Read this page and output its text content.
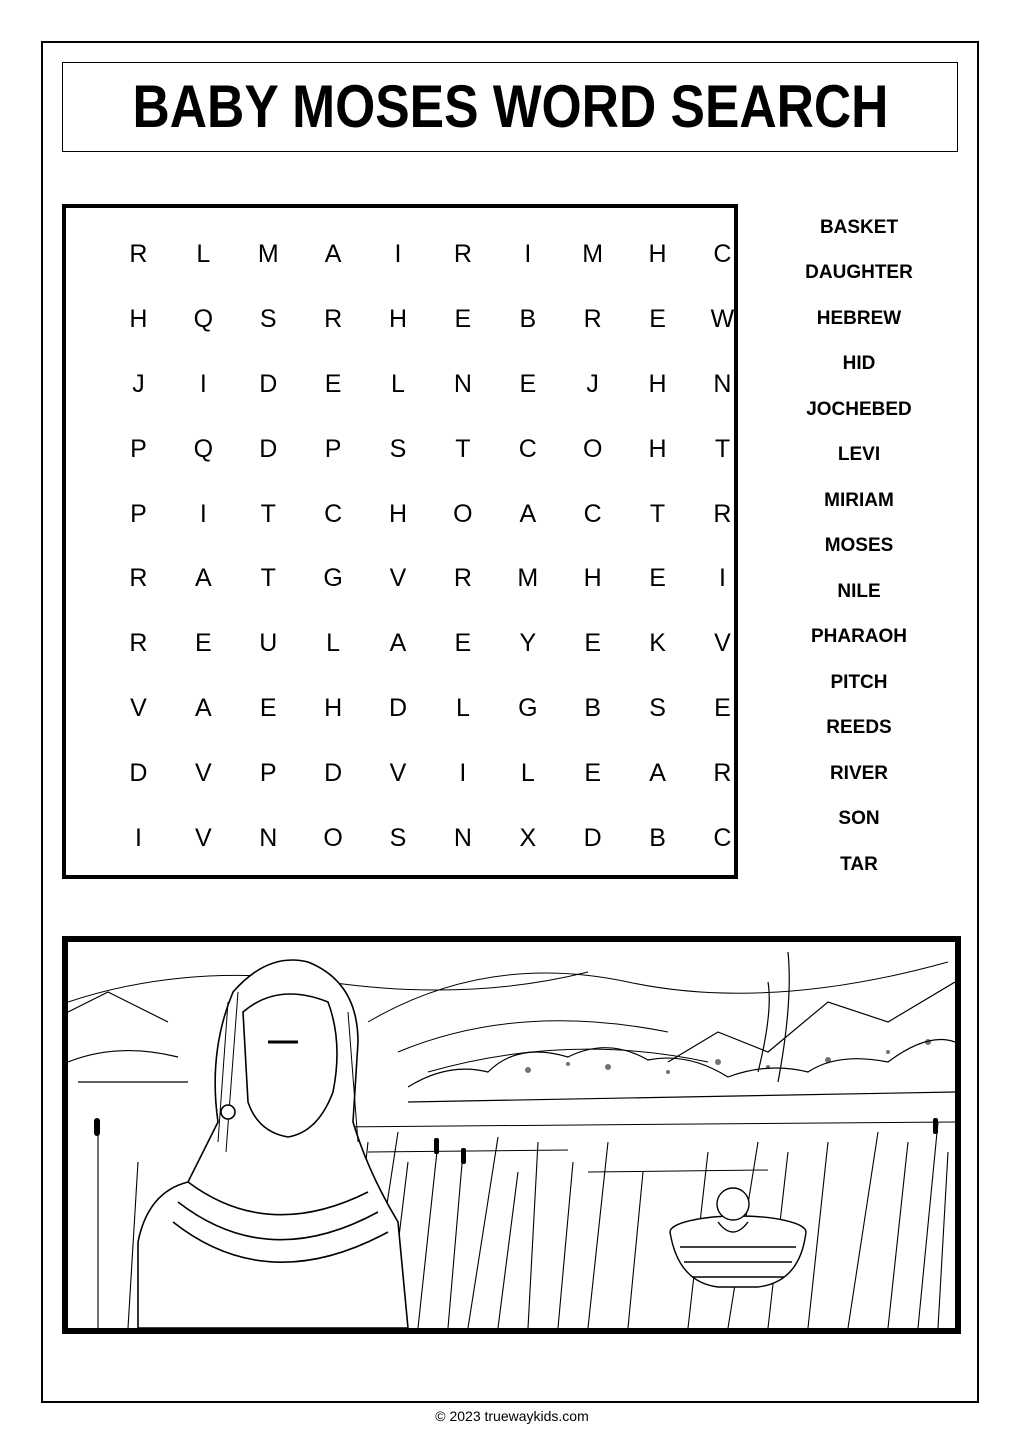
BABY MOSES WORD SEARCH
R L M A I R I M H C
H Q S R H E B R E W
J I D E L N E J H N
P Q D P S T C O H T
P I T C H O A C T R
R A T G V R M H E I
R E U L A E Y E K V
V A E H D L G B S E
D V P D V I L E A R
I V N O S N X D B C
BASKET
DAUGHTER
HEBREW
HID
JOCHEBED
LEVI
MIRIAM
MOSES
NILE
PHARAOH
PITCH
REEDS
RIVER
SON
TAR
© 2023 truewaykids.com
